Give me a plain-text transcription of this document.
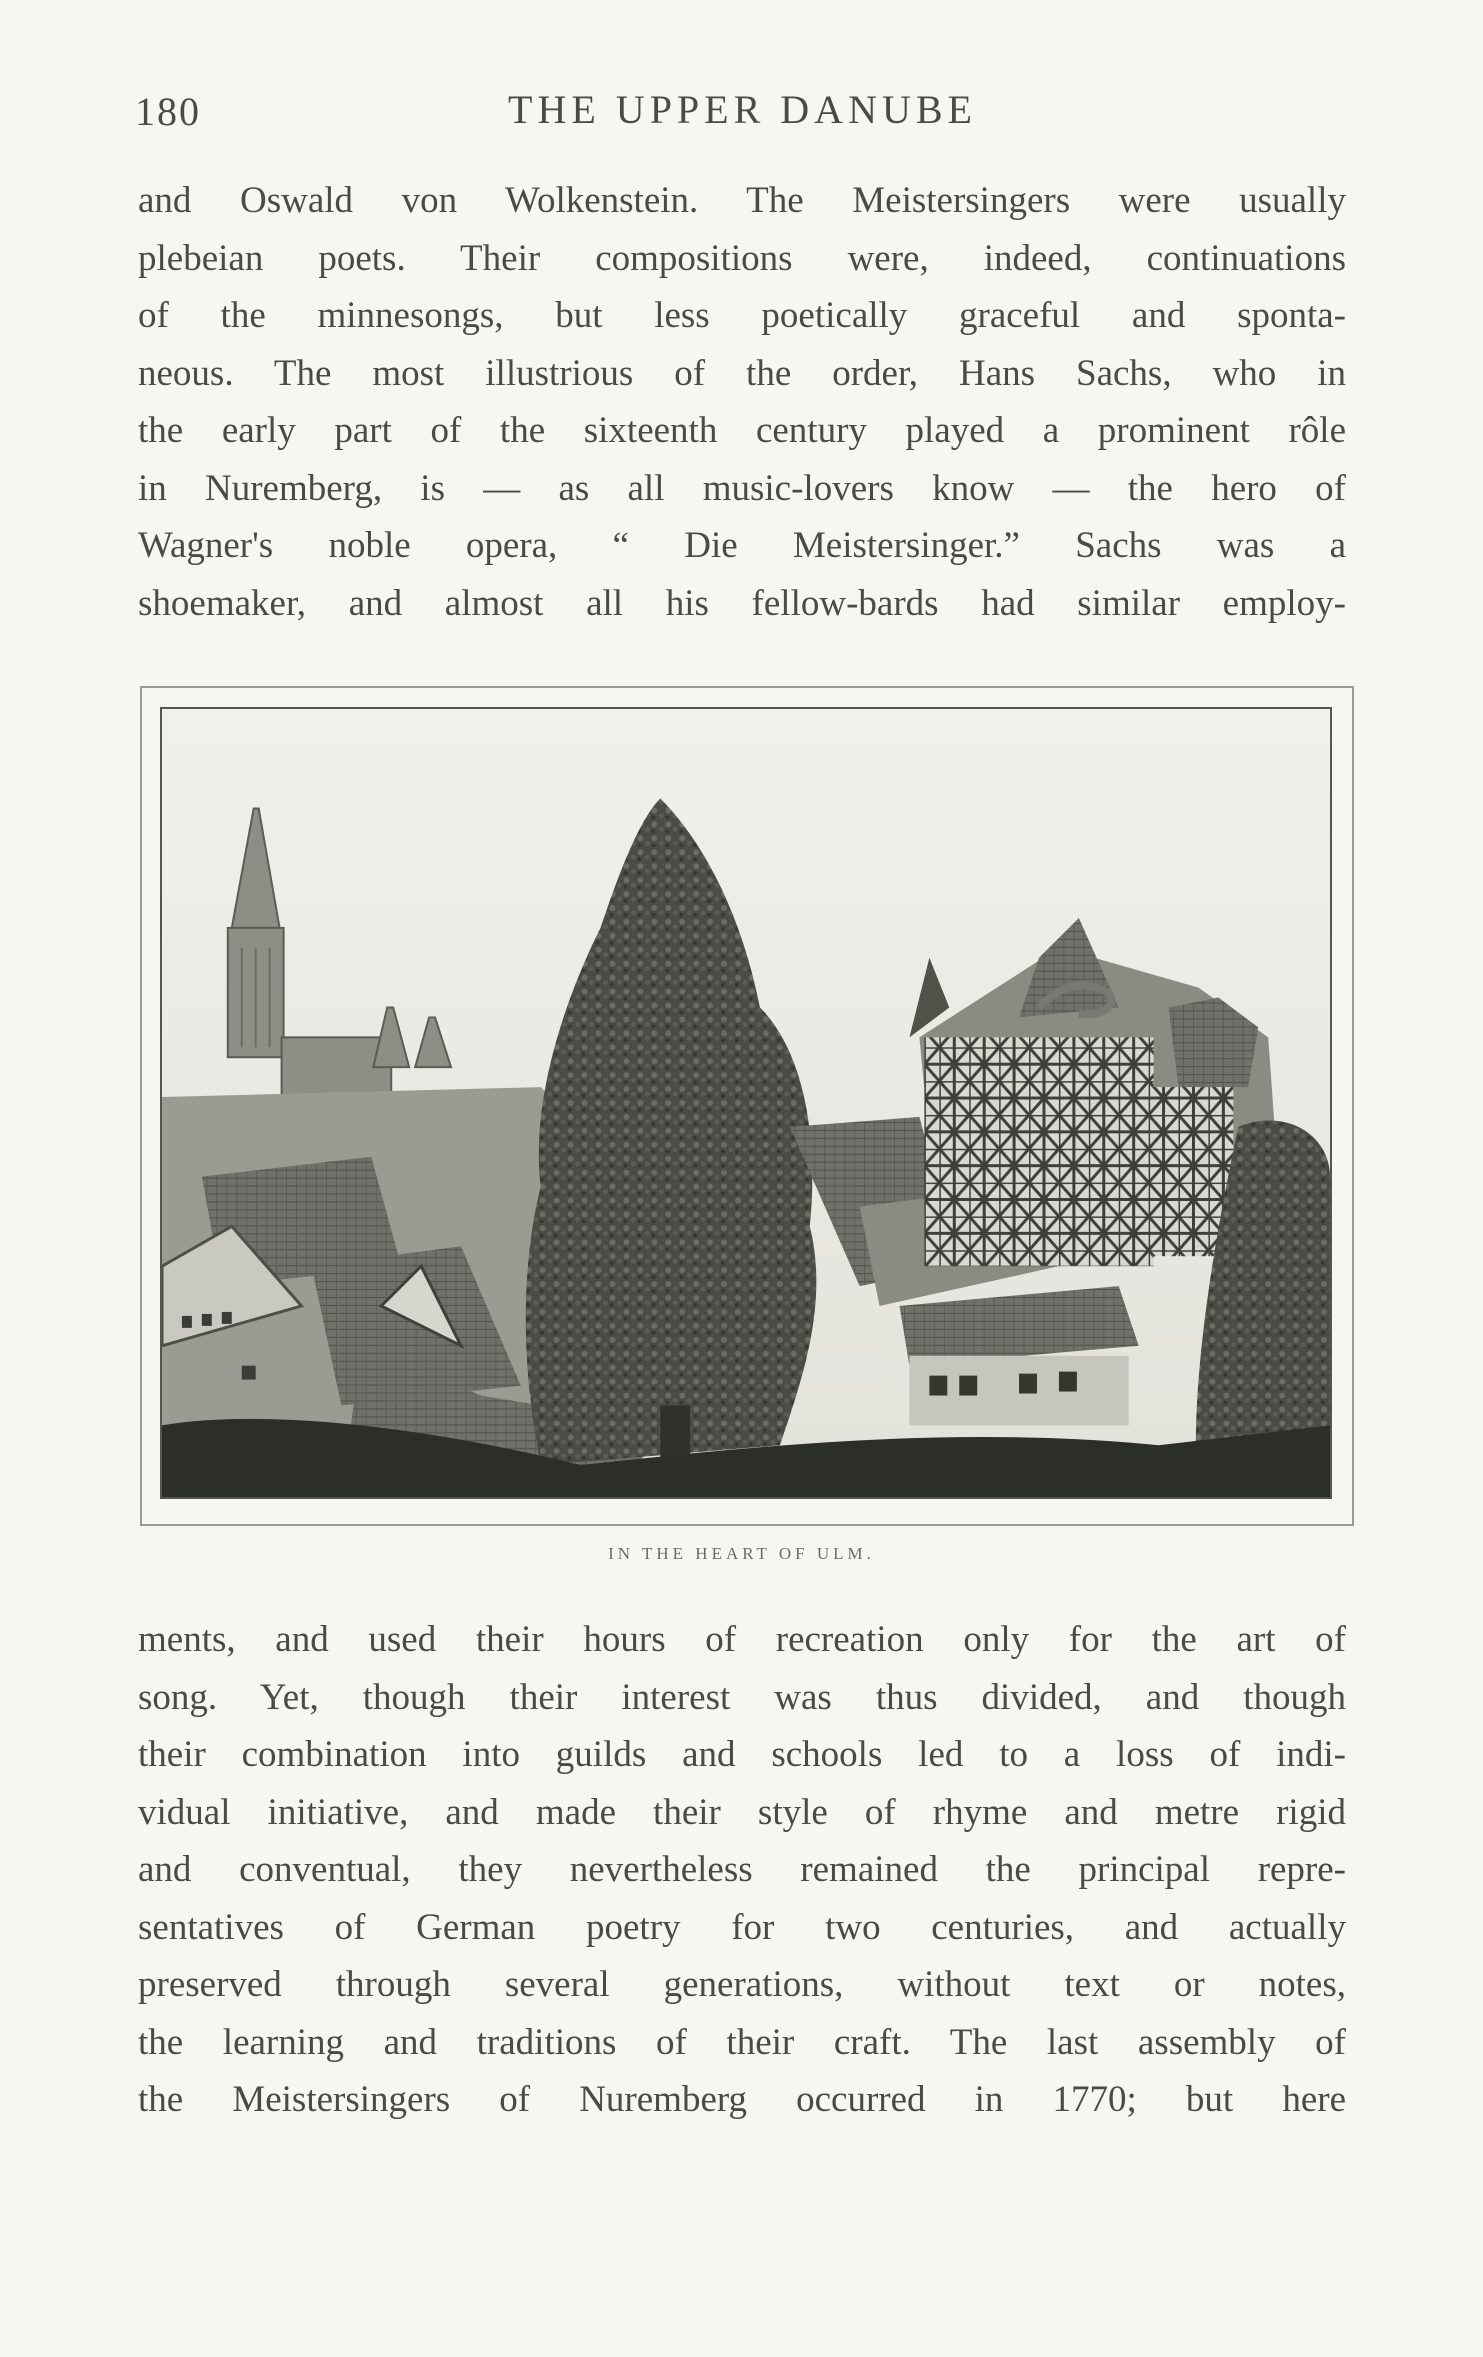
180	THE UPPER DANUBE
and Oswald von Wolkenstein. The Meistersingers were usually
plebeian poets. Their compositions were, indeed, continuations
of the minnesongs, but less poetically graceful and sponta-
neous. The most illustrious of the order, Hans Sachs, who in
the early part of the sixteenth century played a prominent rôle
in Nuremberg, is — as all music-lovers know — the hero of
Wagner's noble opera, “ Die Meistersinger.” Sachs was a
shoemaker, and almost all his fellow-bards had similar employ-
IN THE HEART OF ULM.
ments, and used their hours of recreation only for the art of
song. Yet, though their interest was thus divided, and though
their combination into guilds and schools led to a loss of indi-
vidual initiative, and made their style of rhyme and metre rigid
and conventual, they nevertheless remained the principal repre-
sentatives of German poetry for two centuries, and actually
preserved through several generations, without text or notes,
the learning and traditions of their craft. The last assembly of
the Meistersingers of Nuremberg occurred in 1770; but here
